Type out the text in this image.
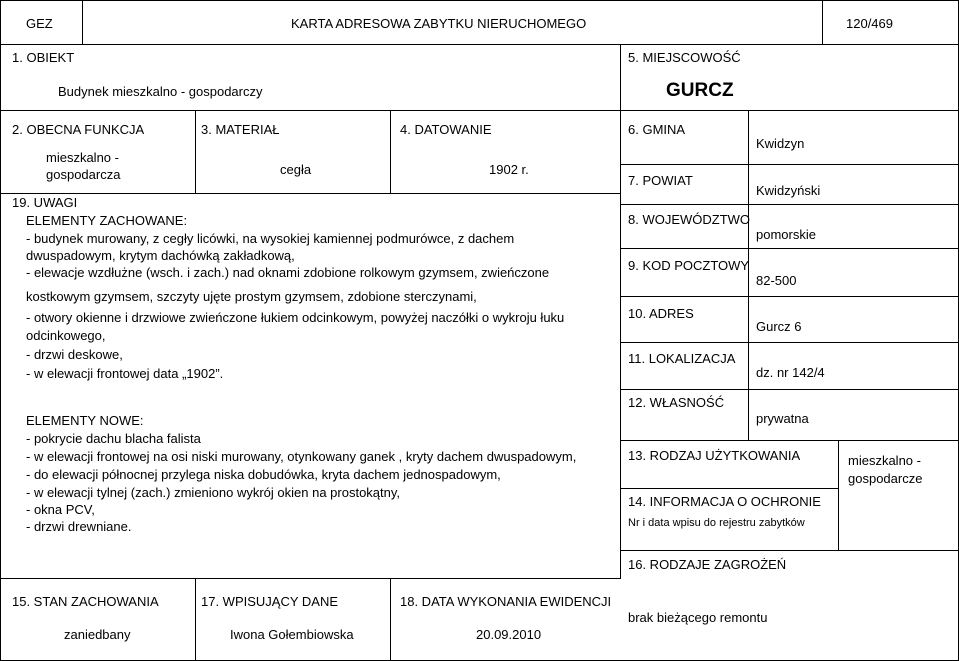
GEZ	KARTA ADRESOWA ZABYTKU NIERUCHOMEGO	120/469
1. OBIEKT
Budynek mieszkalno - gospodarczy
5. MIEJSCOWOŚĆ
GURCZ
2. OBECNA FUNKCJA
mieszkalno -
gospodarcza
3. MATERIAŁ
cegła
4. DATOWANIE
1902 r.
19. UWAGI
ELEMENTY ZACHOWANE:
- budynek murowany, z cegły licówki, na wysokiej kamiennej podmurówce, z dachem
dwuspadowym, krytym dachówką zakładkową,
- elewacje wzdłużne (wsch. i zach.) nad oknami zdobione rolkowym gzymsem, zwieńczone
kostkowym gzymsem, szczyty ujęte prostym gzymsem, zdobione sterczynami,
- otwory okienne i drzwiowe zwieńczone łukiem odcinkowym, powyżej naczółki o wykroju łuku
odcinkowego,
- drzwi deskowe,
- w elewacji frontowej data „1902”.
ELEMENTY NOWE:
- pokrycie dachu blacha falista
- w elewacji frontowej na osi niski murowany, otynkowany ganek , kryty dachem dwuspadowym,
- do elewacji północnej przylega niska dobudówka, kryta dachem jednospadowym,
- w elewacji tylnej (zach.) zmieniono wykrój okien na prostokątny,
- okna PCV,
- drzwi drewniane.
6. GMINA
Kwidzyn
7. POWIAT
Kwidzyński
8. WOJEWÓDZTWO
pomorskie
9. KOD POCZTOWY
82-500
10. ADRES
Gurcz 6
11. LOKALIZACJA
dz. nr 142/4
12. WŁASNOŚĆ
prywatna
13. RODZAJ UŻYTKOWANIA	mieszkalno -
gospodarcze
14. INFORMACJA O OCHRONIE
Nr i data wpisu do rejestru zabytków
16. RODZAJE ZAGROŻEŃ
brak bieżącego remontu
15. STAN ZACHOWANIA
zaniedbany
17. WPISUJĄCY DANE
Iwona Gołembiowska
18. DATA WYKONANIA EWIDENCJI
20.09.2010
